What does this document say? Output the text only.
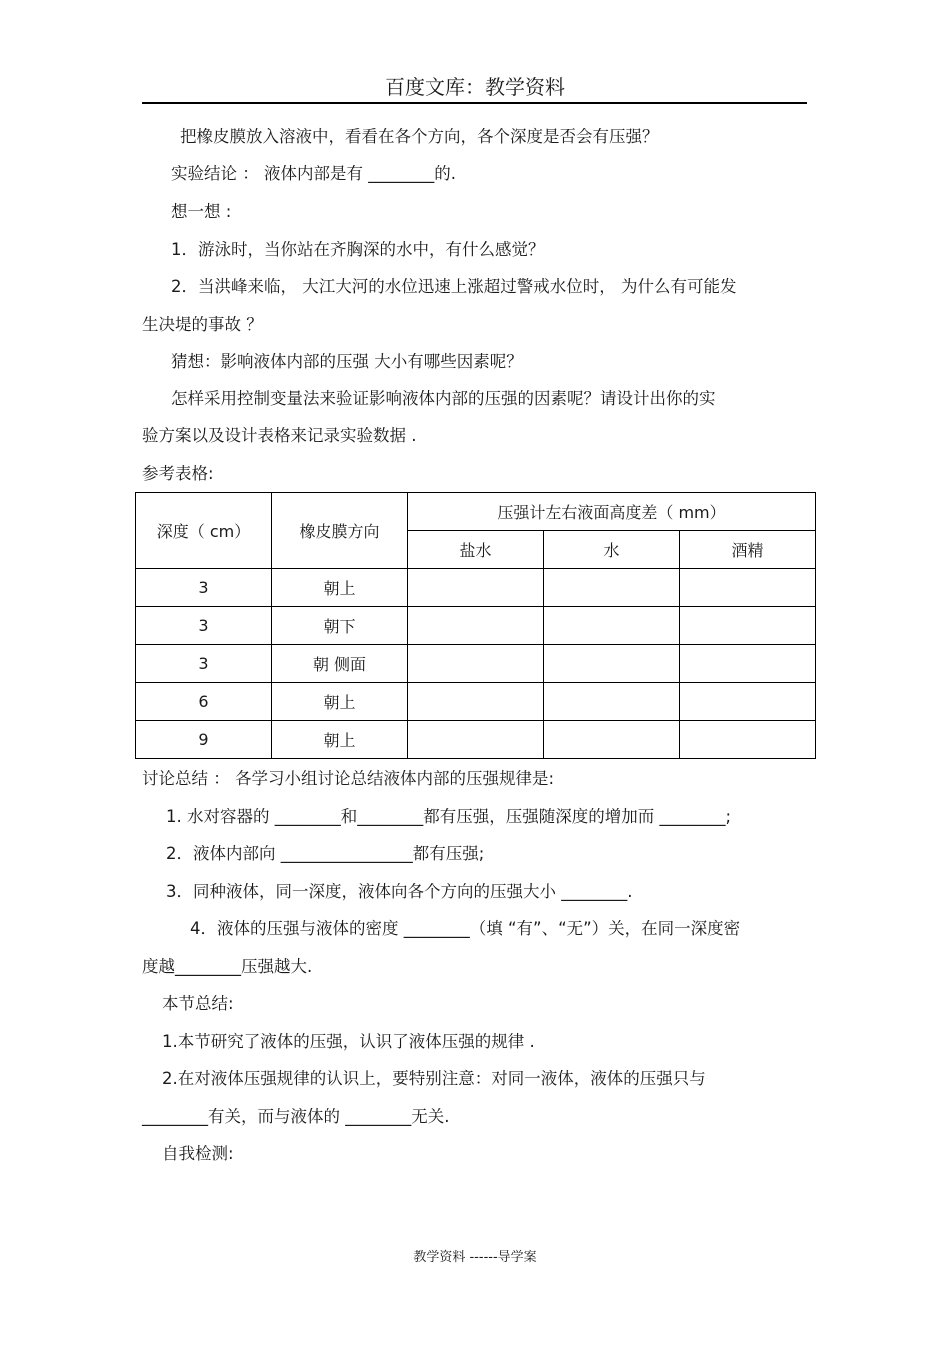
百度文库：教学资料
把橡皮膜放入溶液中，看看在各个方向，各个深度是否会有压强？
实验结论 ： 液体内部是有 ________的.
想一想 :
1．游泳时，当你站在齐胸深的水中，有什么感觉？
2．当洪峰来临， 大江大河的水位迅速上涨超过警戒水位时， 为什么有可能发
生决堤的事故 ？
猜想：影响液体内部的压强 大小有哪些因素呢？
怎样采用控制变量法来验证影响液体内部的压强的因素呢？请设计出你的实
验方案以及设计表格来记录实验数据 .
参考表格:
深度（ cm）	橡皮膜方向	压强计左右液面高度差（ mm）		
		盐水	水	酒精
3	朝上			
3	朝下			
3	朝 侧面			
6	朝上			
9	朝上			
讨论总结 ： 各学习小组讨论总结液体内部的压强规律是:
1. 水对容器的 ________和________都有压强，压强随深度的增加而 ________;
2．液体内部向 ________________都有压强;
3．同种液体，同一深度，液体向各个方向的压强大小 ________.
4．液体的压强与液体的密度 ________（填 “有”、“无”）关，在同一深度密
度越________压强越大.
本节总结:
1.本节研究了液体的压强，认识了液体压强的规律 .
2.在对液体压强规律的认识上，要特别注意：对同一液体，液体的压强只与
________有关，而与液体的 ________无关.
自我检测:
教学资料 ------导学案
